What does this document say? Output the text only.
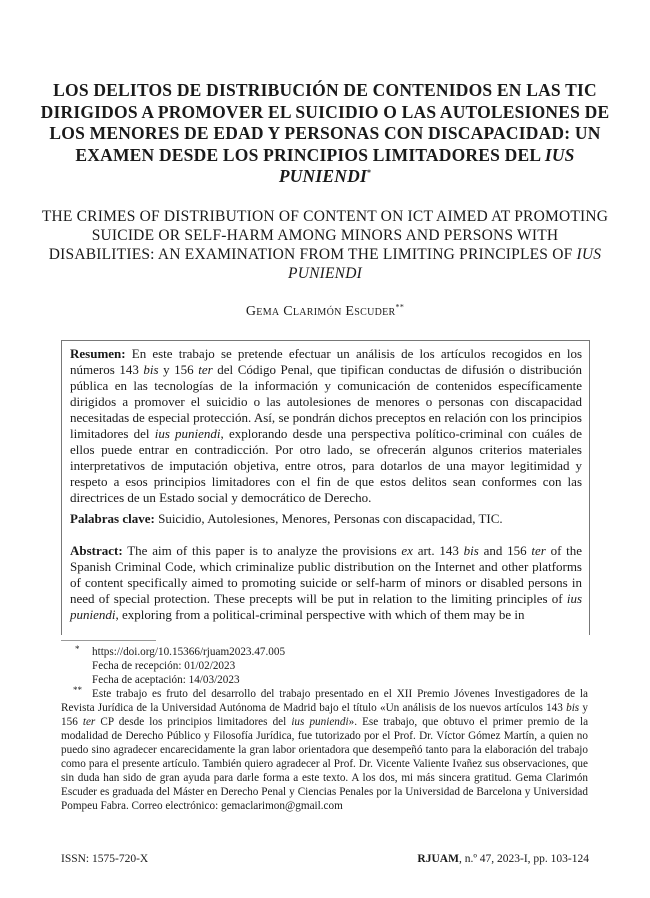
LOS DELITOS DE DISTRIBUCIÓN DE CONTENIDOS EN LAS TIC DIRIGIDOS A PROMOVER EL SUICIDIO O LAS AUTOLESIONES DE LOS MENORES DE EDAD Y PERSONAS CON DISCAPACIDAD: UN EXAMEN DESDE LOS PRINCIPIOS LIMITADORES DEL IUS PUNIENDI*
THE CRIMES OF DISTRIBUTION OF CONTENT ON ICT AIMED AT PROMOTING SUICIDE OR SELF-HARM AMONG MINORS AND PERSONS WITH DISABILITIES: AN EXAMINATION FROM THE LIMITING PRINCIPLES OF IUS PUNIENDI
Gema Clarimón Escuder**

Resumen: En este trabajo se pretende efectuar un análisis de los artículos recogidos en los números 143 bis y 156 ter del Código Penal, que tipifican conductas de difusión o distribución pública en las tecnologías de la información y comunicación de contenidos específicamente dirigidos a promover el suicidio o las autolesiones de menores o personas con discapacidad necesitadas de especial protección. Así, se pondrán dichos preceptos en relación con los principios limitadores del ius puniendi, explorando desde una perspectiva político-criminal con cuáles de ellos puede entrar en contradicción. Por otro lado, se ofrecerán algunos criterios materiales interpretativos de imputación objetiva, entre otros, para dotarlos de una mayor legitimidad y respeto a esos principios limitadores con el fin de que estos delitos sean conformes con las directrices de un Estado social y democrático de Derecho.

Palabras clave: Suicidio, Autolesiones, Menores, Personas con discapacidad, TIC.

Abstract: The aim of this paper is to analyze the provisions ex art. 143 bis and 156 ter of the Spanish Criminal Code, which criminalize public distribution on the Internet and other platforms of content specifically aimed to promoting suicide or self-harm of minors or disabled persons in need of special protection. These precepts will be put in relation to the limiting principles of ius puniendi, exploring from a political-criminal perspective with which of them may be in

* https://doi.org/10.15366/rjuam2023.47.005
Fecha de recepción: 01/02/2023
Fecha de aceptación: 14/03/2023
** Este trabajo es fruto del desarrollo del trabajo presentado en el XII Premio Jóvenes Investigadores de la Revista Jurídica de la Universidad Autónoma de Madrid bajo el título «Un análisis de los nuevos artículos 143 bis y 156 ter CP desde los principios limitadores del ius puniendi». Ese trabajo, que obtuvo el primer premio de la modalidad de Derecho Público y Filosofía Jurídica, fue tutorizado por el Prof. Dr. Víctor Gómez Martín, a quien no puedo sino agradecer encarecidamente la gran labor orientadora que desempeñó tanto para la elaboración del trabajo como para el presente artículo. También quiero agradecer al Prof. Dr. Vicente Valiente Ivañez sus observaciones, que sin duda han sido de gran ayuda para darle forma a este texto. A los dos, mi más sincera gratitud. Gema Clarimón Escuder es graduada del Máster en Derecho Penal y Ciencias Penales por la Universidad de Barcelona y Universidad Pompeu Fabra. Correo electrónico: gemaclarimon@gmail.com
ISSN: 1575-720-X	RJUAM, n.º 47, 2023-I, pp. 103-124
